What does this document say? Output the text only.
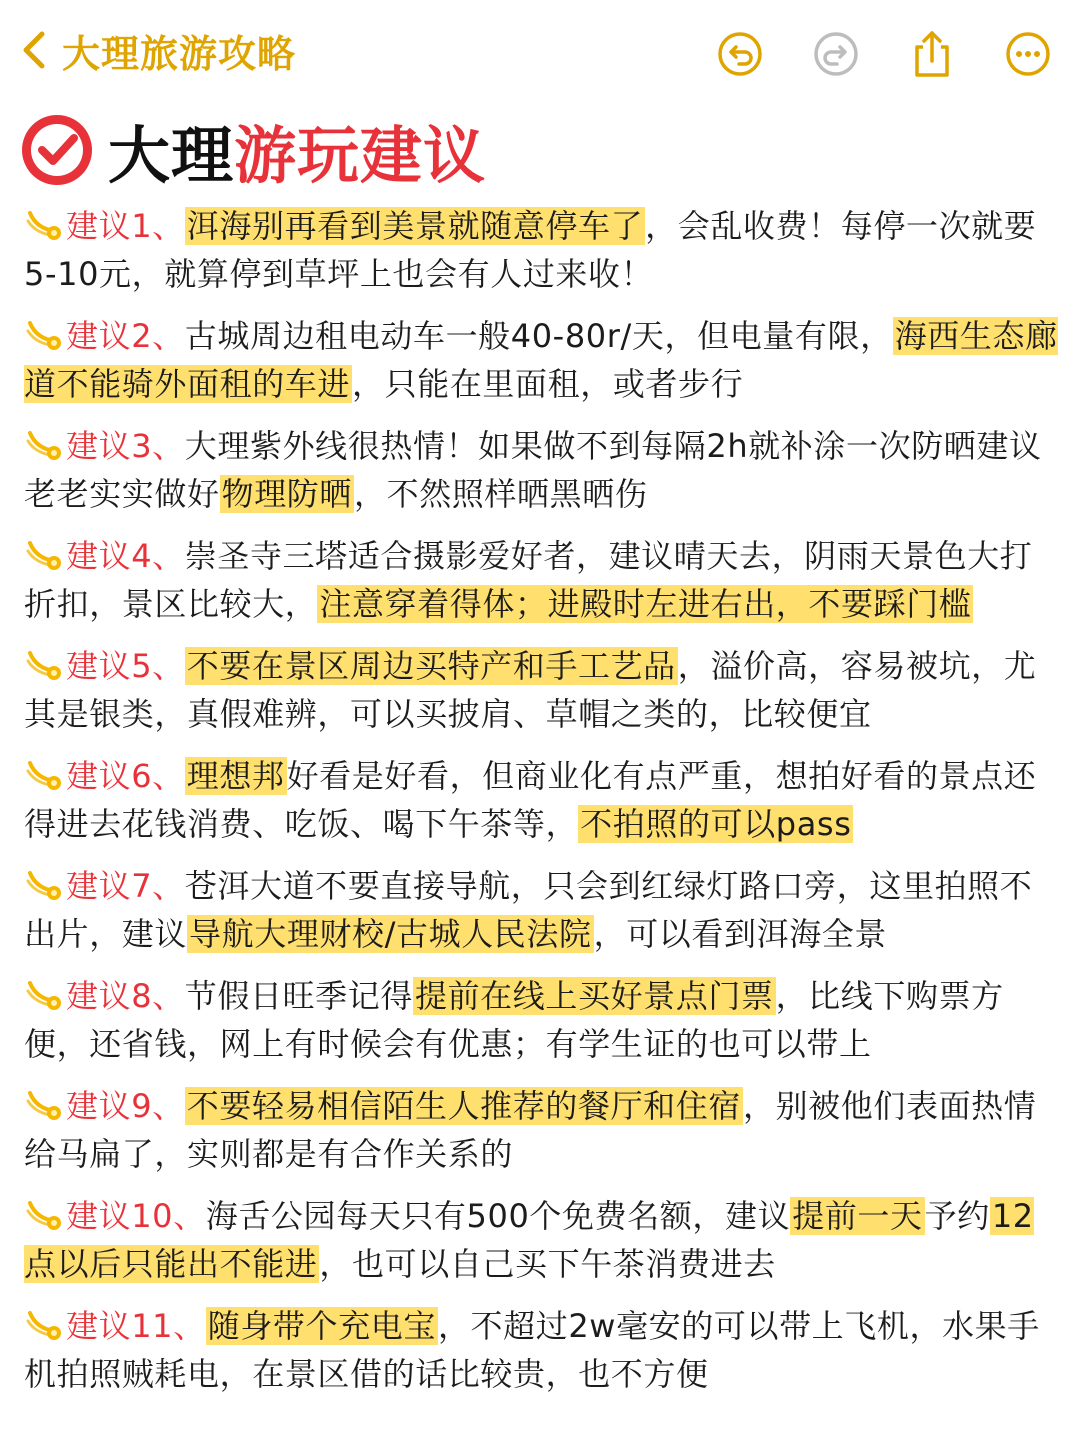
大理旅游攻略
大理游玩建议
建议1、洱海别再看到美景就随意停车了，会乱收费！每停一次就要5-10元，就算停到草坪上也会有人过来收！
建议2、古城周边租电动车一般40-80r/天，但电量有限，海西生态廊道不能骑外面租的车进，只能在里面租，或者步行
建议3、大理紫外线很热情！如果做不到每隔2h就补涂一次防晒建议老老实实做好物理防晒，不然照样晒黑晒伤
建议4、崇圣寺三塔适合摄影爱好者，建议晴天去，阴雨天景色大打折扣，景区比较大，注意穿着得体；进殿时左进右出，不要踩门槛
建议5、不要在景区周边买特产和手工艺品，溢价高，容易被坑，尤其是银类，真假难辨，可以买披肩、草帽之类的，比较便宜
建议6、理想邦好看是好看，但商业化有点严重，想拍好看的景点还得进去花钱消费、吃饭、喝下午茶等，不拍照的可以pass
建议7、苍洱大道不要直接导航，只会到红绿灯路口旁，这里拍照不出片，建议导航大理财校/古城人民法院，可以看到洱海全景
建议8、节假日旺季记得提前在线上买好景点门票，比线下购票方便，还省钱，网上有时候会有优惠；有学生证的也可以带上
建议9、不要轻易相信陌生人推荐的餐厅和住宿，别被他们表面热情给马扁了，实则都是有合作关系的
建议10、海舌公园每天只有500个免费名额，建议提前一天予约12点以后只能出不能进，也可以自己买下午茶消费进去
建议11、随身带个充电宝，不超过2w毫安的可以带上飞机，水果手机拍照贼耗电，在景区借的话比较贵，也不方便
